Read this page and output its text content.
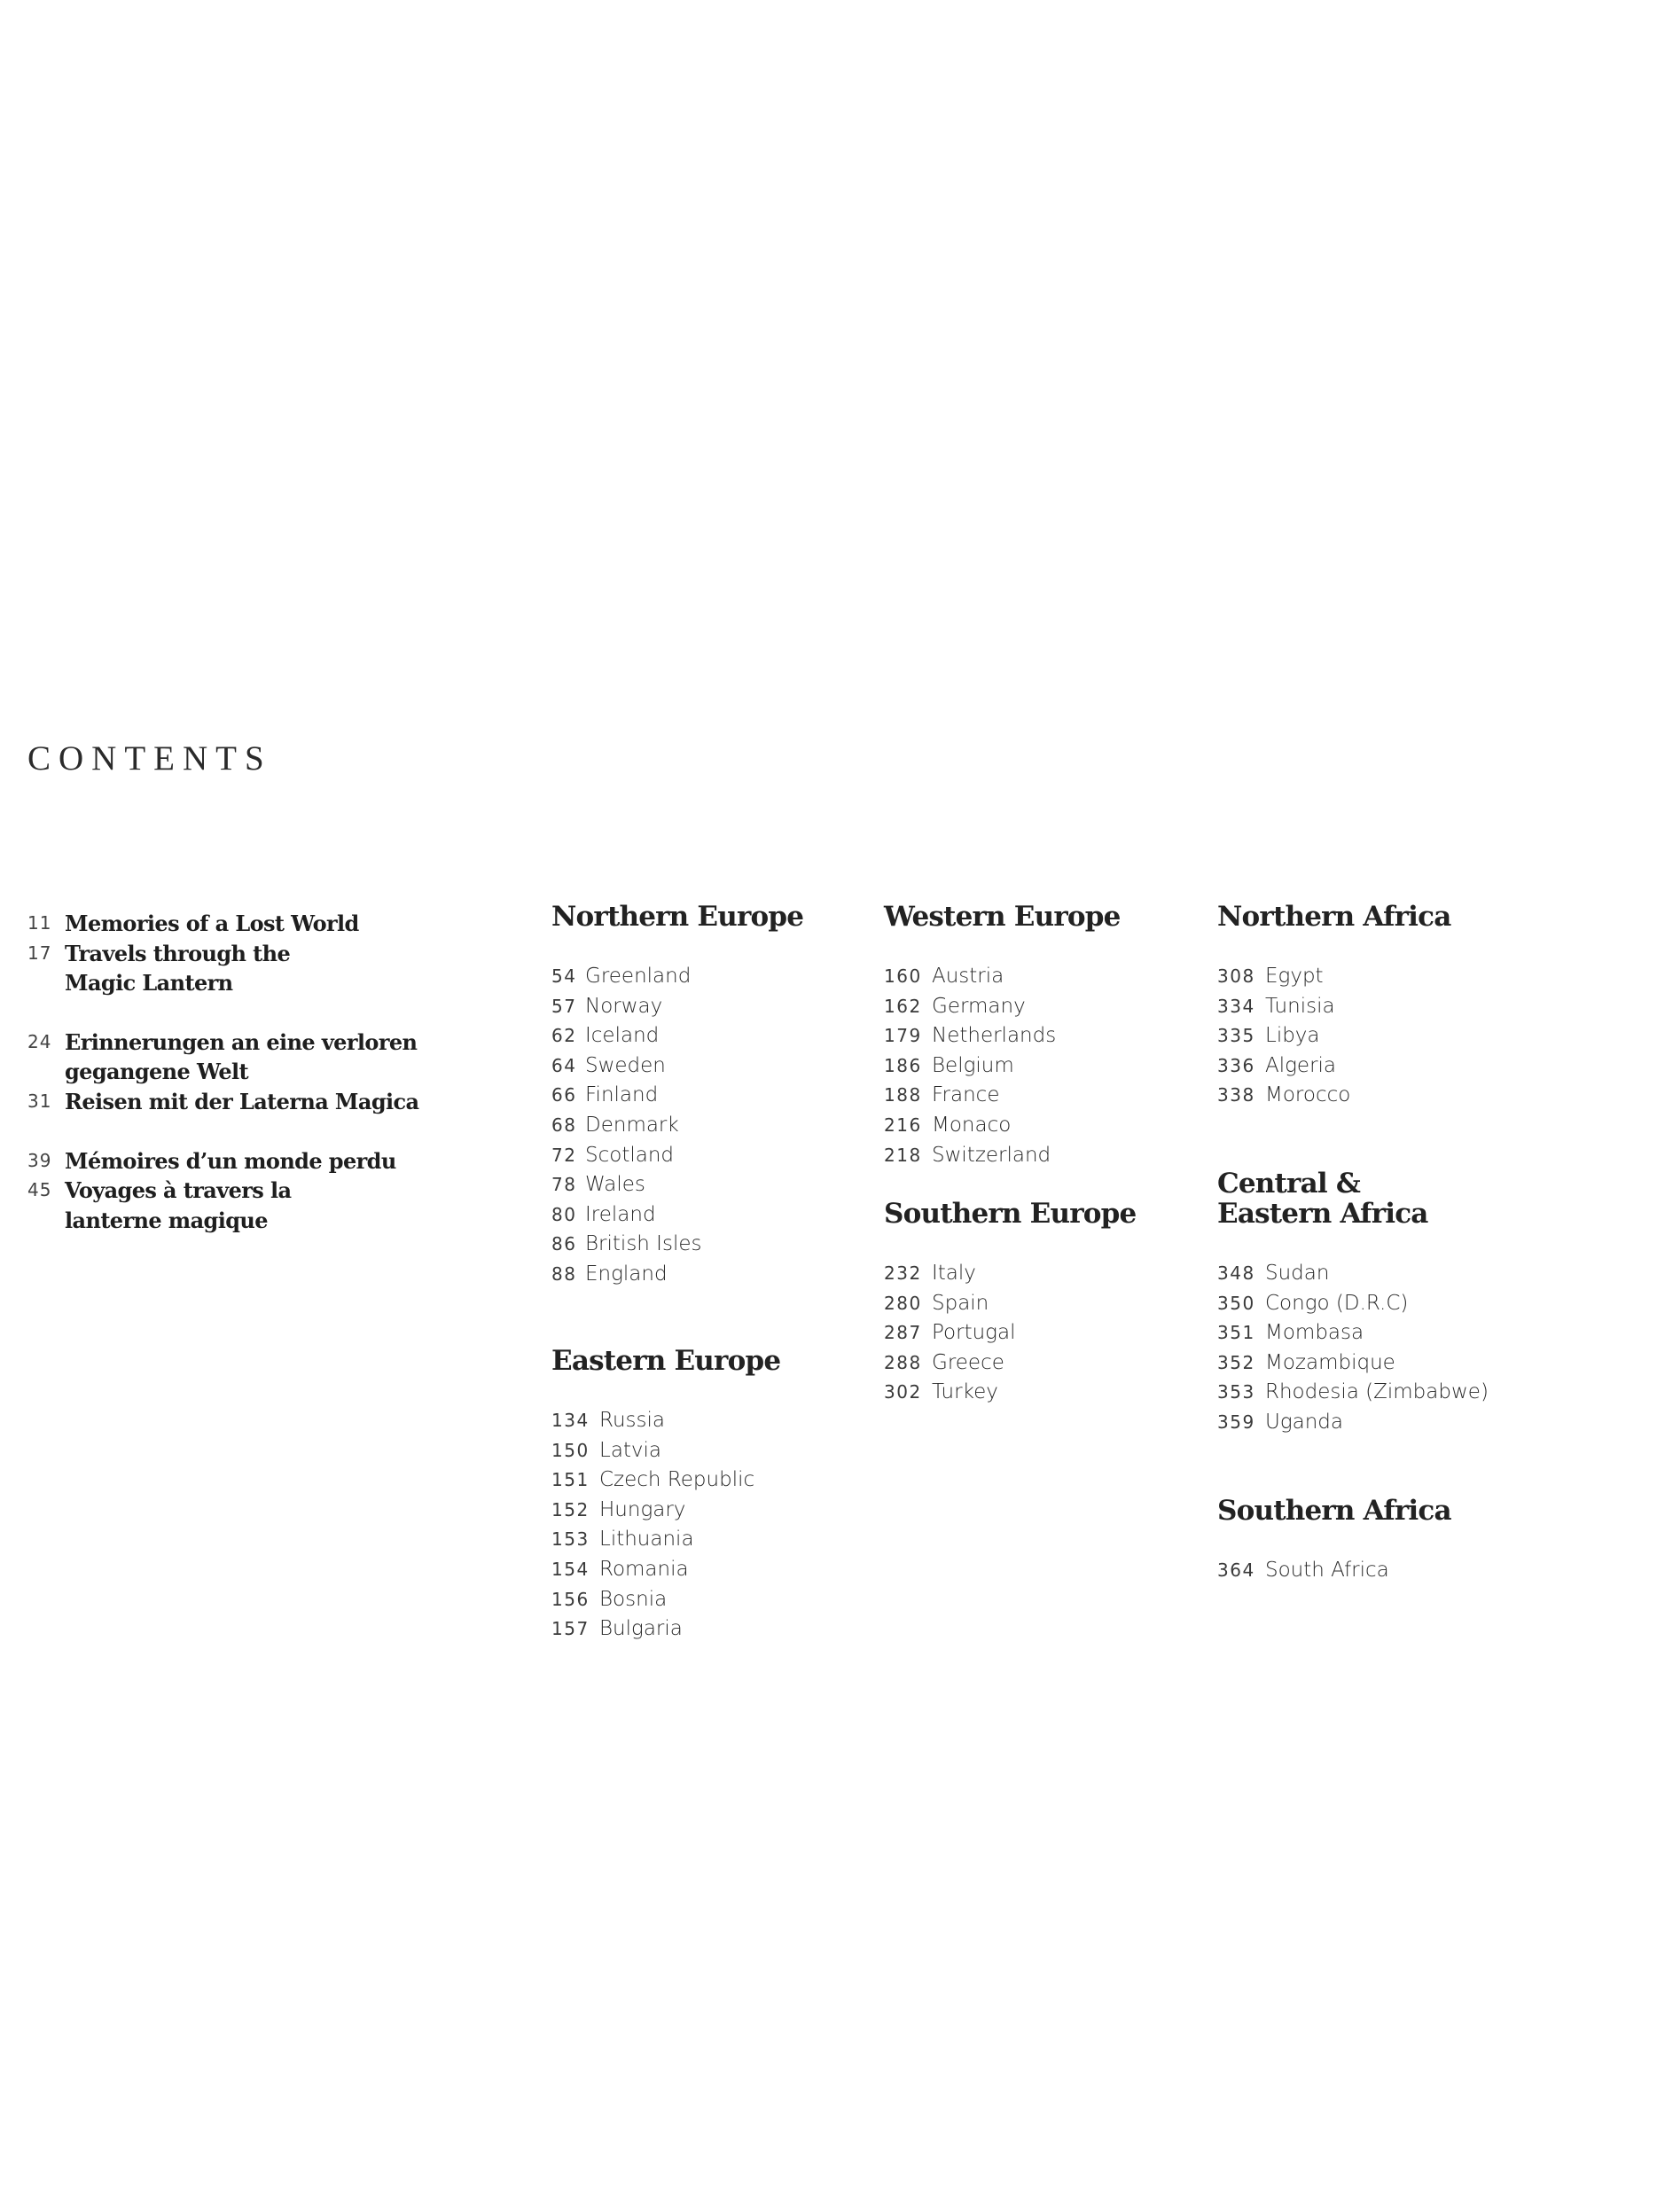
CONTENTS
11 Memories of a Lost World
17 Travels through the Magic Lantern
24 Erinnerungen an eine verloren gegangene Welt
31 Reisen mit der Laterna Magica
39 Mémoires d’un monde perdu
45 Voyages à travers la lanterne magique
Northern Europe
54 Greenland
57 Norway
62 Iceland
64 Sweden
66 Finland
68 Denmark
72 Scotland
78 Wales
80 Ireland
86 British Isles
88 England
Eastern Europe
134 Russia
150 Latvia
151 Czech Republic
152 Hungary
153 Lithuania
154 Romania
156 Bosnia
157 Bulgaria
Western Europe
160 Austria
162 Germany
179 Netherlands
186 Belgium
188 France
216 Monaco
218 Switzerland
Southern Europe
232 Italy
280 Spain
287 Portugal
288 Greece
302 Turkey
Northern Africa
308 Egypt
334 Tunisia
335 Libya
336 Algeria
338 Morocco
Central &
Eastern Africa
348 Sudan
350 Congo (D.R.C)
351 Mombasa
352 Mozambique
353 Rhodesia (Zimbabwe)
359 Uganda
Southern Africa
364 South Africa
